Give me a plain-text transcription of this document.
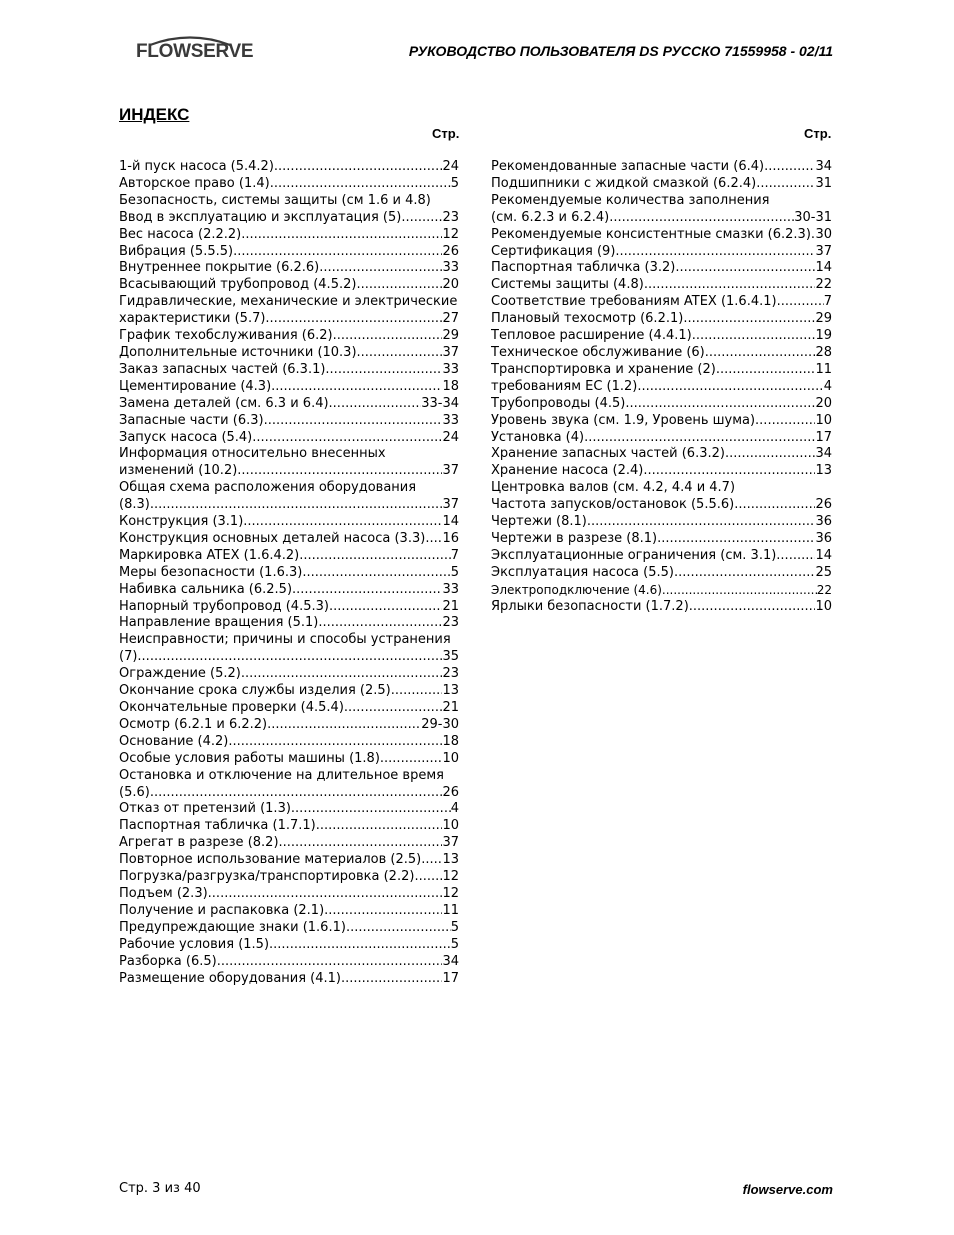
FLOWSERVE	РУКОВОДСТВО ПОЛЬЗОВАТЕЛЯ DS РУССКО 71559958 - 02/11
ИНДЕКС
Стр.	Стр.
1-й пуск насоса (5.4.2) .....	24
Авторское право (1.4) .....	5
Безопасность, системы защиты (см 1.6 и 4.8)
Ввод в эксплуатацию и эксплуатация (5) .....	23
Вес насоса (2.2.2) .....	12
Вибрация (5.5.5) .....	26
Внутреннее покрытие (6.2.6) .....	33
Всасывающий трубопровод (4.5.2) .....	20
Гидравлические, механические и электрические
характеристики (5.7) .....	27
График техобслуживания (6.2) .....	29
Дополнительные источники (10.3) .....	37
Заказ запасных частей (6.3.1) .....	33
Цементирование (4.3) .....	18
Замена деталей (см. 6.3 и 6.4) .....	33-34
Запасные части (6.3) .....	33
Запуск насоса (5.4) .....	24
Информация относительно внесенных
изменений (10.2) .....	37
Общая схема расположения оборудования
(8.3) .....	37
Конструкция (3.1) .....	14
Конструкция основных деталей насоса (3.3) ..... 16
Маркировка ATEX (1.6.4.2) .....	7
Меры безопасности (1.6.3) .....	5
Набивка сальника (6.2.5) .....	33
Напорный трубопровод (4.5.3) .....	21
Направление вращения (5.1) .....	23
Неисправности; причины и способы устранения
(7) .....	35
Ограждение (5.2) .....	23
Окончание срока службы изделия (2.5) .....	13
Окончательные проверки (4.5.4) .....	21
Осмотр (6.2.1 и 6.2.2) .....	29-30
Основание (4.2) .....	18
Особые условия работы машины (1.8) .....	10
Остановка и отключение на длительное время
(5.6) .....	26
Отказ от претензий (1.3) .....	4
Паспортная табличка (1.7.1) .....	10
Агрегат в разрезе (8.2) .....	37
Повторное использование материалов (2.5) ..... 13
Погрузка/разгрузка/транспортировка (2.2) ..... 12
Подъем (2.3) .....	12
Получение и распаковка (2.1) .....	11
Предупреждающие знаки (1.6.1) .....	5
Рабочие условия (1.5) .....	5
Разборка (6.5) .....	34
Размещение оборудования (4.1) .....	17
Рекомендованные запасные части (6.4) .....	34
Подшипники с жидкой смазкой (6.2.4) .....	31
Рекомендуемые количества заполнения
(см. 6.2.3 и 6.2.4) .....	30-31
Рекомендуемые консистентные смазки (6.2.3) ..... 30
Сертификация (9) .....	37
Паспортная табличка (3.2) .....	14
Системы защиты (4.8) .....	22
Соответствие требованиям ATEX (1.6.4.1) .....	7
Плановый техосмотр (6.2.1) .....	29
Тепловое расширение (4.4.1) .....	19
Техническое обслуживание (6) .....	28
Транспортировка и хранение (2) .....	11
требованиям ЕС (1.2) .....	4
Трубопроводы (4.5) .....	20
Уровень звука (см. 1.9, Уровень шума) .....	10
Установка (4) .....	17
Хранение запасных частей (6.3.2) .....	34
Хранение насоса (2.4) .....	13
Центровка валов (см. 4.2, 4.4 и 4.7)
Частота запусков/остановок (5.5.6) .....	26
Чертежи (8.1) .....	36
Чертежи в разрезе (8.1) .....	36
Эксплуатационные ограничения (см. 3.1) .....	14
Эксплуатация насоса (5.5) .....	25
Электроподключение (4.6) .....	22
Ярлыки безопасности (1.7.2) .....	10
Стр. 3 из 40	flowserve.com
